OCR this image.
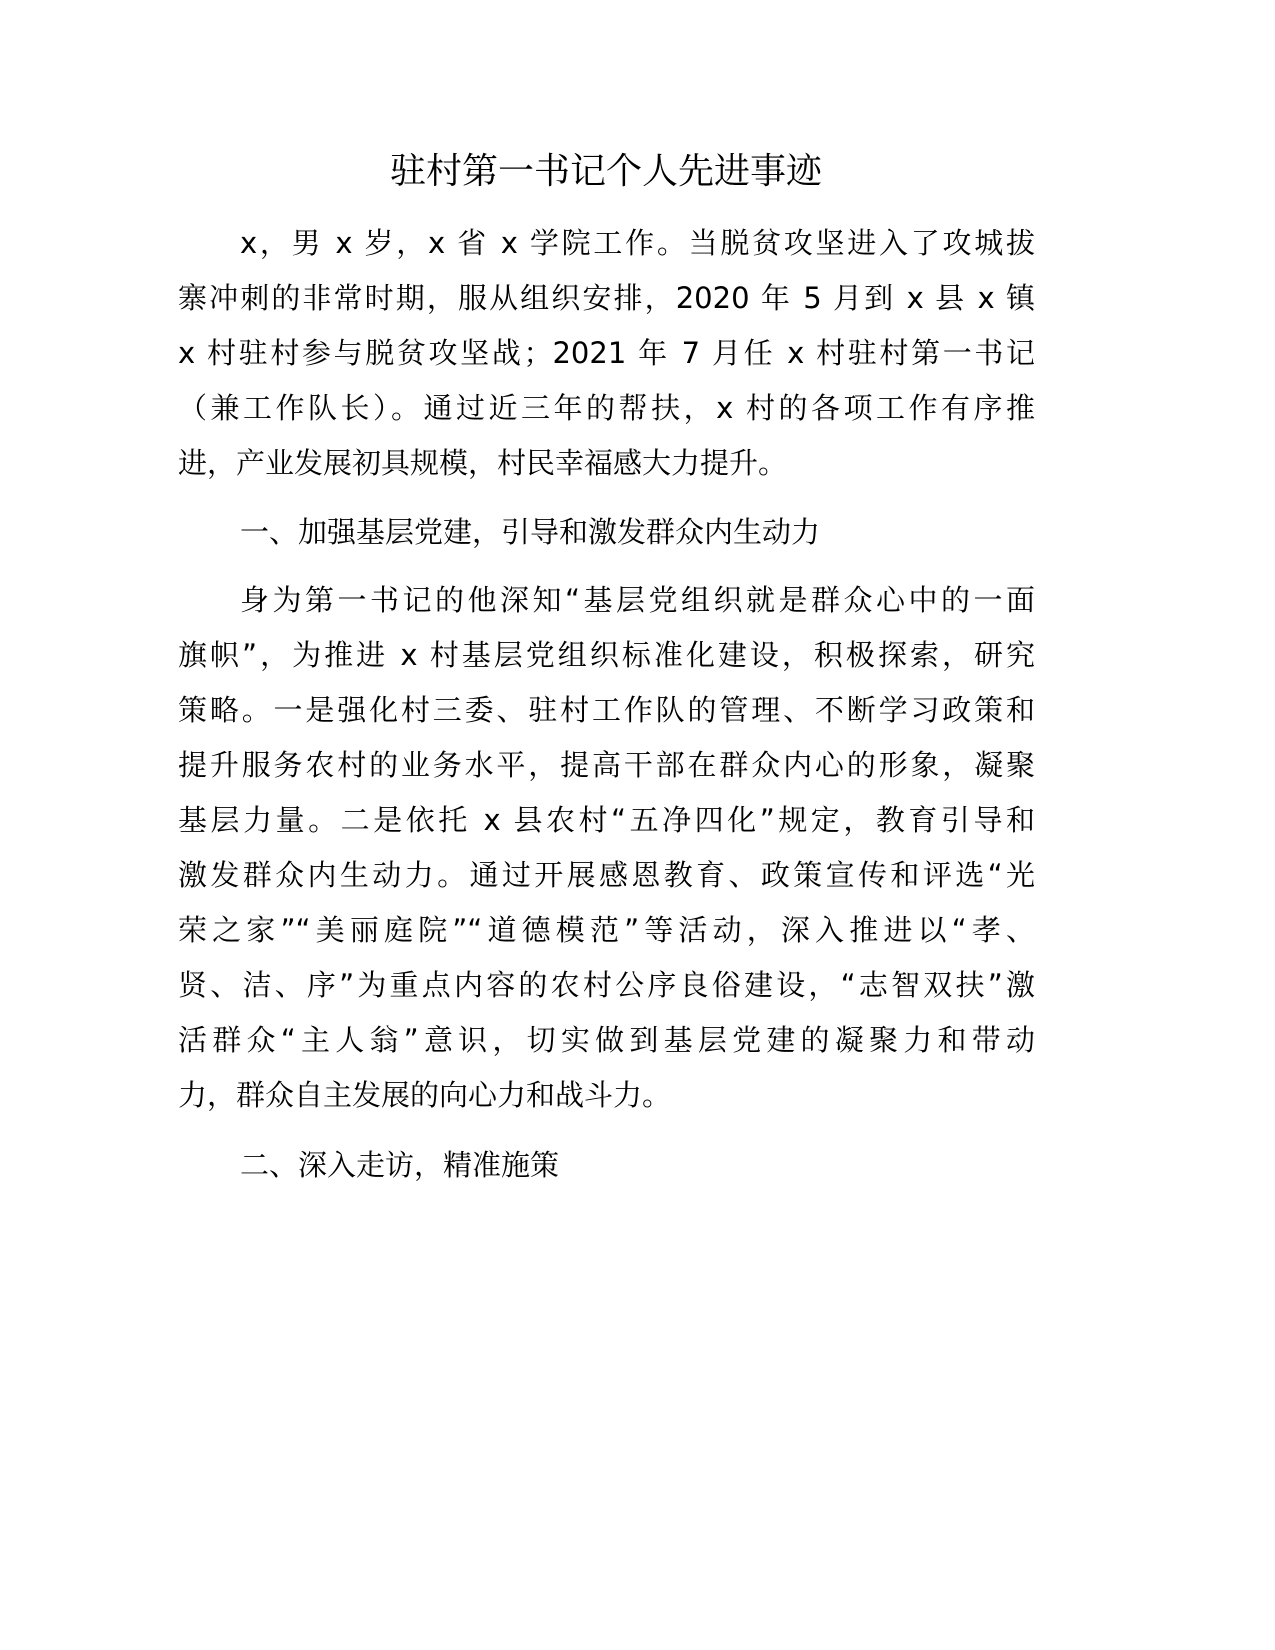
驻村第一书记个人先进事迹
x，男 x 岁，x 省 x 学院工作。当脱贫攻坚进入了攻城拔
寨冲刺的非常时期，服从组织安排，2020 年 5 月到 x 县 x 镇
x 村驻村参与脱贫攻坚战；2021 年 7 月任 x 村驻村第一书记
（兼工作队长）。通过近三年的帮扶，x 村的各项工作有序推
进，产业发展初具规模，村民幸福感大力提升。
一、加强基层党建，引导和激发群众内生动力
身为第一书记的他深知“基层党组织就是群众心中的一面
旗帜”，为推进 x 村基层党组织标准化建设，积极探索，研究
策略。一是强化村三委、驻村工作队的管理、不断学习政策和
提升服务农村的业务水平，提高干部在群众内心的形象，凝聚
基层力量。二是依托 x 县农村“五净四化”规定，教育引导和
激发群众内生动力。通过开展感恩教育、政策宣传和评选“光
荣之家”“美丽庭院”“道德模范”等活动，深入推进以“孝、
贤、洁、序”为重点内容的农村公序良俗建设，“志智双扶”激
活群众“主人翁”意识，切实做到基层党建的凝聚力和带动
力，群众自主发展的向心力和战斗力。
二、深入走访，精准施策
